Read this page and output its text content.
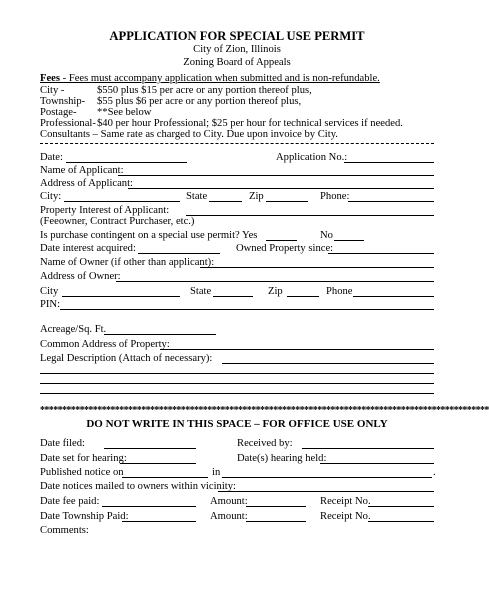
APPLICATION FOR SPECIAL USE PERMIT
City of Zion, Illinois
Zoning Board of Appeals
Fees - Fees must accompany application when submitted and is non-refundable.
City -	$550 plus $15 per acre or any portion thereof plus,
Township- $55 plus $6 per acre or any portion thereof plus,
Postage- **See below
Professional- $40 per hour Professional; $25 per hour for technical services if needed.
Consultants – Same rate as charged to City. Due upon invoice by City.
Date:	Application No.:
Name of Applicant:
Address of Applicant:
City:	State	Zip	Phone:
Property Interest of Applicant:
(Feeowner, Contract Purchaser, etc.)
Is purchase contingent on a special use permit? Yes	No
Date interest acquired:	Owned Property since:
Name of Owner (if other than applicant):
Address of Owner:
City	State	Zip	Phone
PIN:
Acreage/Sq. Ft.
Common Address of Property:
Legal Description (Attach of necessary):
******************************************************************************************************
DO NOT WRITE IN THIS SPACE – FOR OFFICE USE ONLY
Date filed:	Received by:
Date set for hearing:	Date(s) hearing held:
Published notice on	in	.
Date notices mailed to owners within vicinity:
Date fee paid:	Amount:	Receipt No.
Date Township Paid:	Amount:	Receipt No.
Comments:
